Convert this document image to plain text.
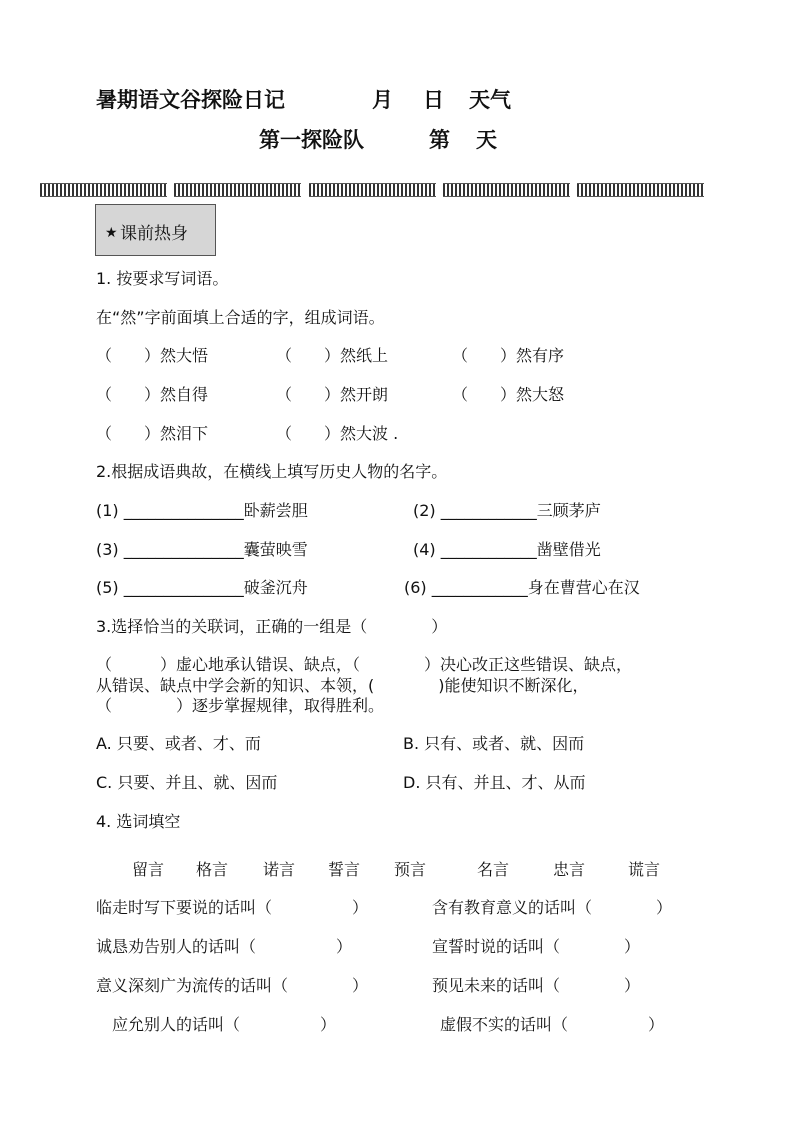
暑期语文谷探险日记	月 日 天气
第一探险队	第 天
★ 课前热身
1. 按要求写词语。
在“然”字前面填上合适的字，组成词语。
（　　）然大悟	（　　）然纸上	（　　）然有序
（　　）然自得	（　　）然开朗	（　　）然大怒
（　　）然泪下	（　　）然大波 .
2.根据成语典故，在横线上填写历史人物的名字。
(1) _______________卧薪尝胆	(2) ____________三顾茅庐
(3) _______________囊萤映雪	(4) ____________凿壁借光
(5) _______________破釜沉舟	(6) ____________身在曹营心在汉
3.选择恰当的关联词，正确的一组是（　　　　）
（　　　）虚心地承认错误、缺点，（　　　　）决心改正这些错误、缺点，
从错误、缺点中学会新的知识、本领，(　　　　)能使知识不断深化，
（　　　　）逐步掌握规律，取得胜利。
A. 只要、或者、才、而	B. 只有、或者、就、因而
C. 只要、并且、就、因而	D. 只有、并且、才、从而
4. 选词填空
留言 格言 诺言 誓言 预言	名言	忠言	谎言
临走时写下要说的话叫（　　　　　）	含有教育意义的话叫（　　　　）
诚恳劝告别人的话叫（　　　　　）	宣誓时说的话叫（　　　　）
意义深刻广为流传的话叫（　　　　）	预见未来的话叫（　　　　）
应允别人的话叫（　　　　　）	虚假不实的话叫（　　　　　）
